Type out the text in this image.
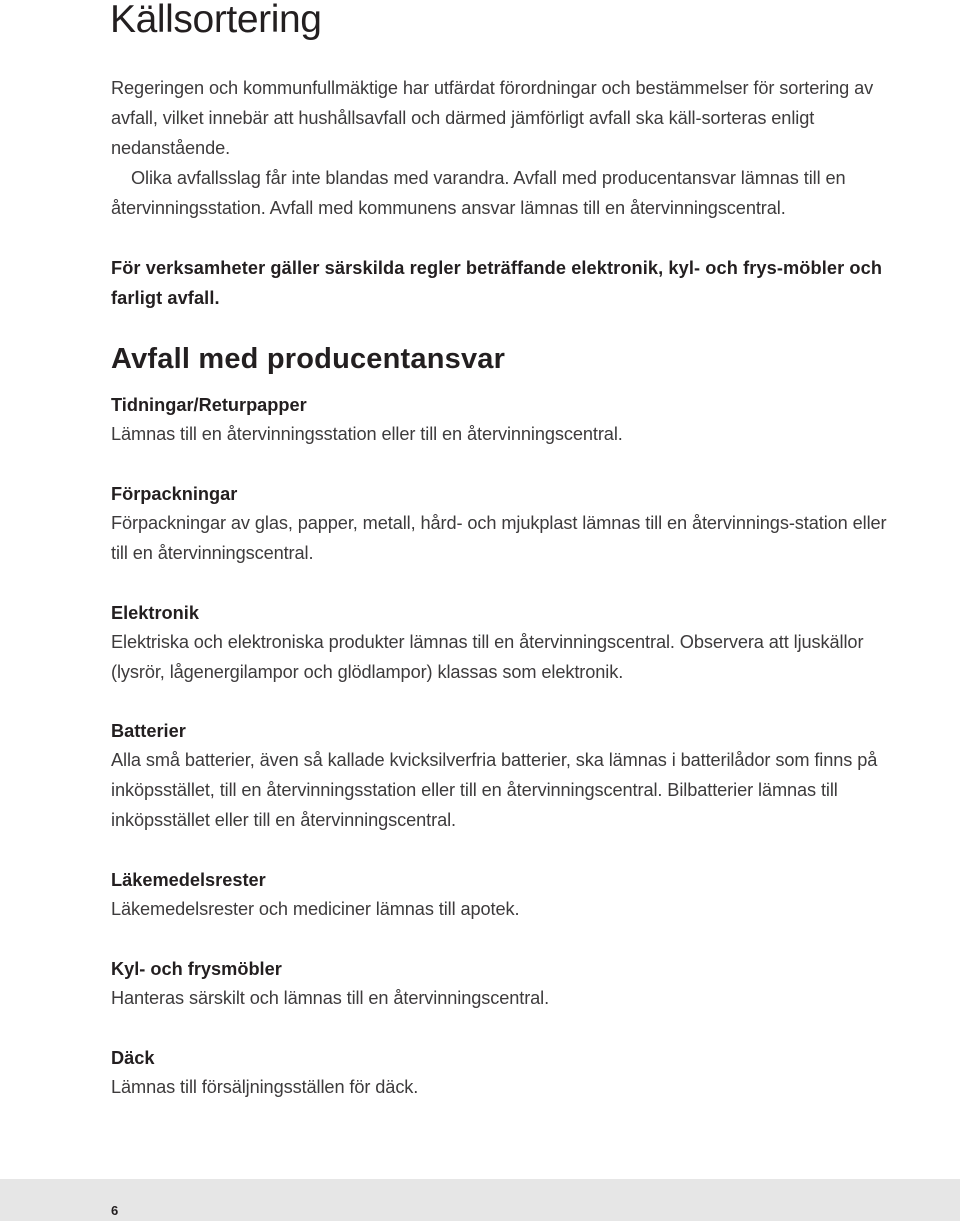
Källsortering

Regeringen och kommunfullmäktige har utfärdat förordningar och bestämmelser för sortering av avfall, vilket innebär att hushållsavfall och därmed jämförligt avfall ska käll-sorteras enligt nedanstående.

Olika avfallsslag får inte blandas med varandra. Avfall med producentansvar lämnas till en återvinningsstation. Avfall med kommunens ansvar lämnas till en återvinningscentral.

För verksamheter gäller särskilda regler beträffande elektronik, kyl- och frys-möbler och farligt avfall.

Avfall med producentansvar
Tidningar/Returpapper

Lämnas till en återvinningsstation eller till en återvinningscentral.

Förpackningar

Förpackningar av glas, papper, metall, hård- och mjukplast lämnas till en återvinnings-station eller till en återvinningscentral.

Elektronik

Elektriska och elektroniska produkter lämnas till en återvinningscentral. Observera att ljuskällor (lysrör, lågenergilampor och glödlampor) klassas som elektronik.

Batterier

Alla små batterier, även så kallade kvicksilverfria batterier, ska lämnas i batterilådor som finns på inköpsstället, till en återvinningsstation eller till en återvinningscentral. Bilbatterier lämnas till inköpsstället eller till en återvinningscentral.

Läkemedelsrester

Läkemedelsrester och mediciner lämnas till apotek.

Kyl- och frysmöbler

Hanteras särskilt och lämnas till en återvinningscentral.

Däck

Lämnas till försäljningsställen för däck.

6
